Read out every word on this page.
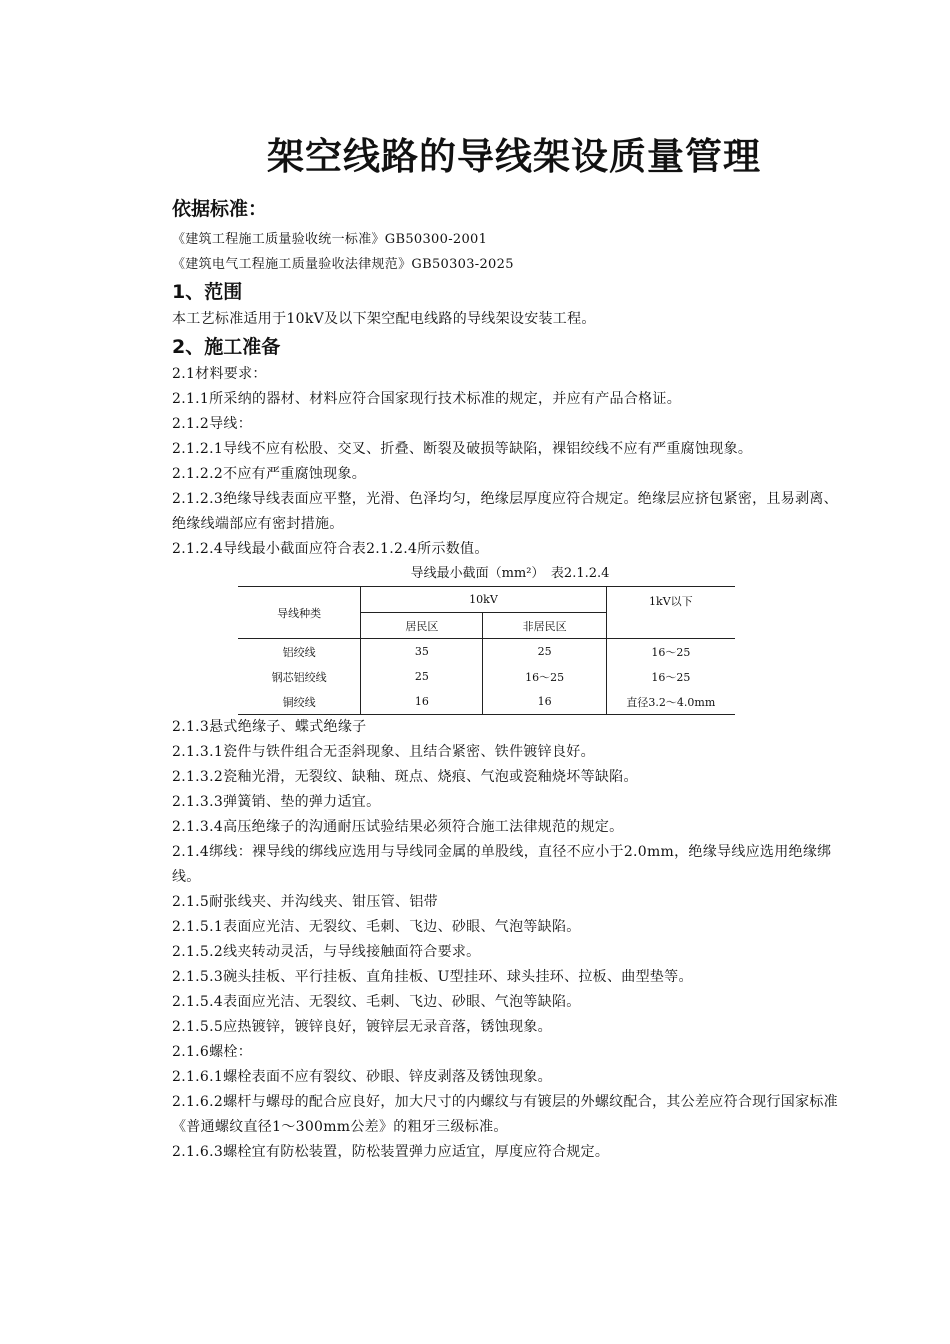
架空线路的导线架设质量管理
依据标准：
《建筑工程施工质量验收统一标准》GB50300-2001
《建筑电气工程施工质量验收法律规范》GB50303-2025
1、范围
本工艺标准适用于10kV及以下架空配电线路的导线架设安装工程。
2、施工准备
2.1材料要求：
2.1.1所采纳的器材、材料应符合国家现行技术标准的规定，并应有产品合格证。
2.1.2导线：
2.1.2.1导线不应有松股、交叉、折叠、断裂及破损等缺陷，裸铝绞线不应有严重腐蚀现象。
2.1.2.2不应有严重腐蚀现象。
2.1.2.3绝缘导线表面应平整，光滑、色泽均匀，绝缘层厚度应符合规定。绝缘层应挤包紧密，且易剥离、绝缘线端部应有密封措施。
2.1.2.4导线最小截面应符合表2.1.2.4所示数值。
导线最小截面（mm²）　表2.1.2.4
导线种类	10kV		1kV以下
	居民区	非居民区	
铝绞线	35	25	16～25
钢芯铝绞线	25	16～25	16～25
铜绞线	16	16	直径3.2～4.0mm
2.1.3悬式绝缘子、蝶式绝缘子
2.1.3.1瓷件与铁件组合无歪斜现象、且结合紧密、铁件镀锌良好。
2.1.3.2瓷釉光滑，无裂纹、缺釉、斑点、烧痕、气泡或瓷釉烧坏等缺陷。
2.1.3.3弹簧销、垫的弹力适宜。
2.1.3.4高压绝缘子的沟通耐压试验结果必须符合施工法律规范的规定。
2.1.4绑线：裸导线的绑线应选用与导线同金属的单股线，直径不应小于2.0mm，绝缘导线应选用绝缘绑线。
2.1.5耐张线夹、并沟线夹、钳压管、铝带
2.1.5.1表面应光洁、无裂纹、毛刺、飞边、砂眼、气泡等缺陷。
2.1.5.2线夹转动灵活，与导线接触面符合要求。
2.1.5.3碗头挂板、平行挂板、直角挂板、U型挂环、球头挂环、拉板、曲型垫等。
2.1.5.4表面应光洁、无裂纹、毛刺、飞边、砂眼、气泡等缺陷。
2.1.5.5应热镀锌，镀锌良好，镀锌层无录音落，锈蚀现象。
2.1.6螺栓：
2.1.6.1螺栓表面不应有裂纹、砂眼、锌皮剥落及锈蚀现象。
2.1.6.2螺杆与螺母的配合应良好，加大尺寸的内螺纹与有镀层的外螺纹配合，其公差应符合现行国家标准《普通螺纹直径1～300mm公差》的粗牙三级标准。
2.1.6.3螺栓宜有防松装置，防松装置弹力应适宜，厚度应符合规定。
